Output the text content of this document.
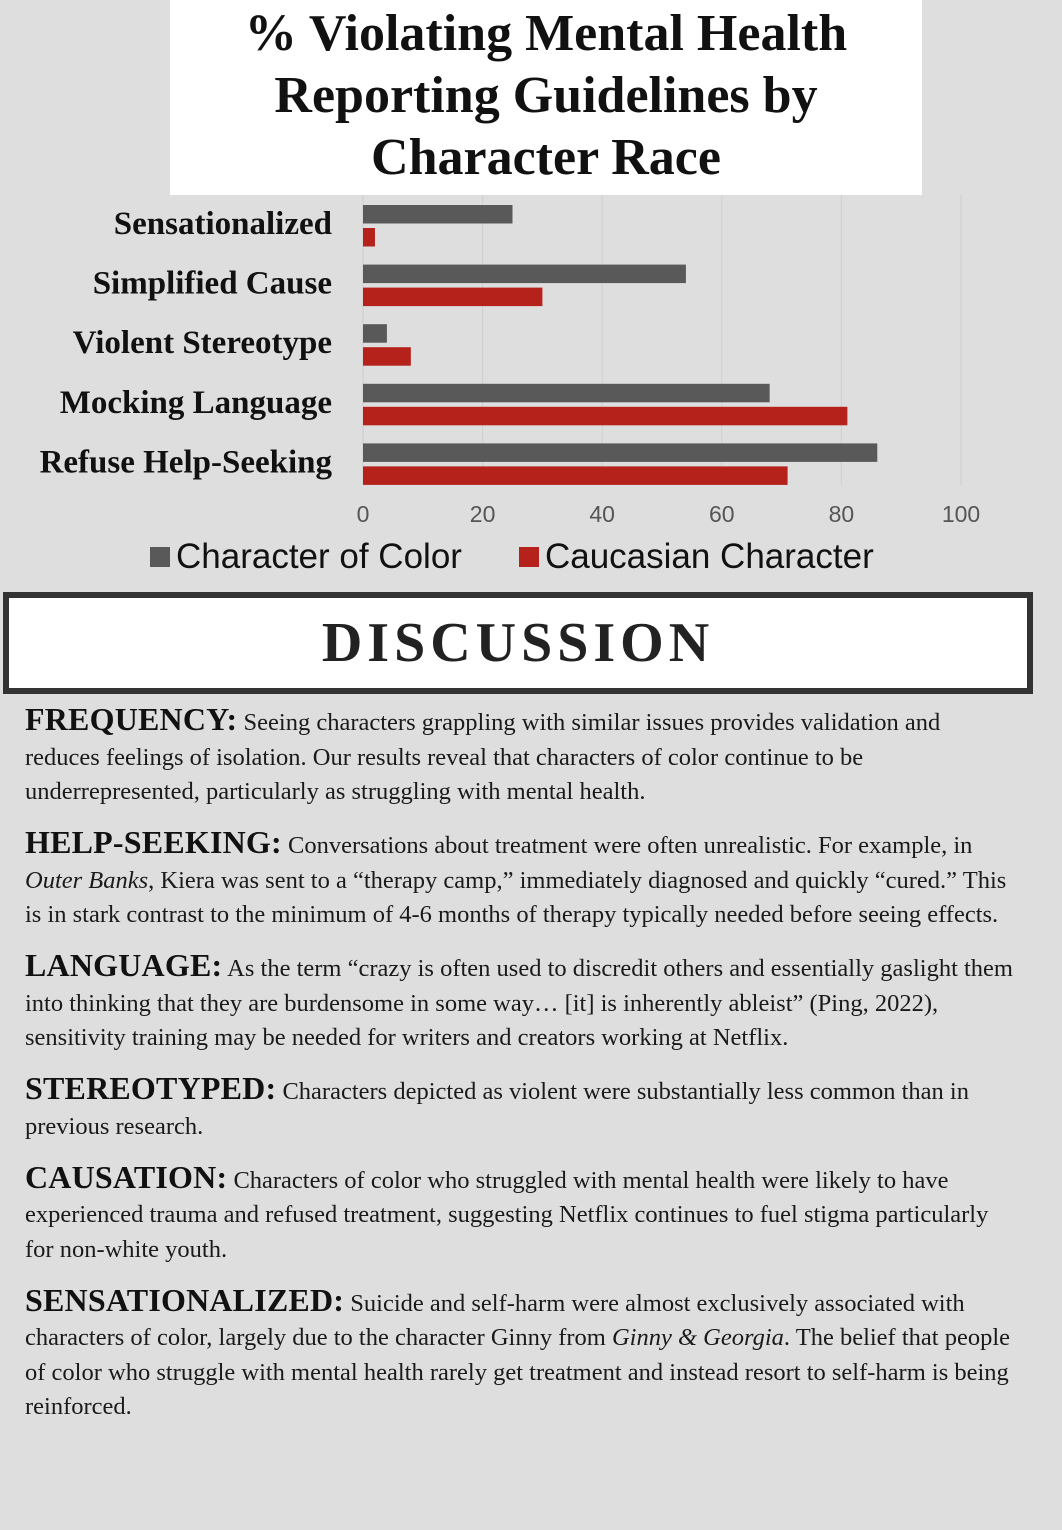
% Violating Mental Health
Reporting Guidelines by
Character Race
0	20	40	60	80	100
Sensationalized
Simplified Cause
Violent Stereotype
Mocking Language
Refuse Help-Seeking
Character of Color Caucasian Character
DISCUSSION

FREQUENCY: Seeing characters grappling with similar issues provides validation and reduces feelings of isolation. Our results reveal that characters of color continue to be underrepresented, particularly as struggling with mental health.

HELP-SEEKING: Conversations about treatment were often unrealistic. For example, in Outer Banks, Kiera was sent to a “therapy camp,” immediately diagnosed and quickly “cured.” This is in stark contrast to the minimum of 4-6 months of therapy typically needed before seeing effects.

LANGUAGE: As the term “crazy is often used to discredit others and essentially gaslight them into thinking that they are burdensome in some way… [it] is inherently ableist” (Ping, 2022), sensitivity training may be needed for writers and creators working at Netflix.

STEREOTYPED: Characters depicted as violent were substantially less common than in previous research.

CAUSATION: Characters of color who struggled with mental health were likely to have experienced trauma and refused treatment, suggesting Netflix continues to fuel stigma particularly for non-white youth.

SENSATIONALIZED: Suicide and self-harm were almost exclusively associated with characters of color, largely due to the character Ginny from Ginny & Georgia. The belief that people of color who struggle with mental health rarely get treatment and instead resort to self-harm is being reinforced.
